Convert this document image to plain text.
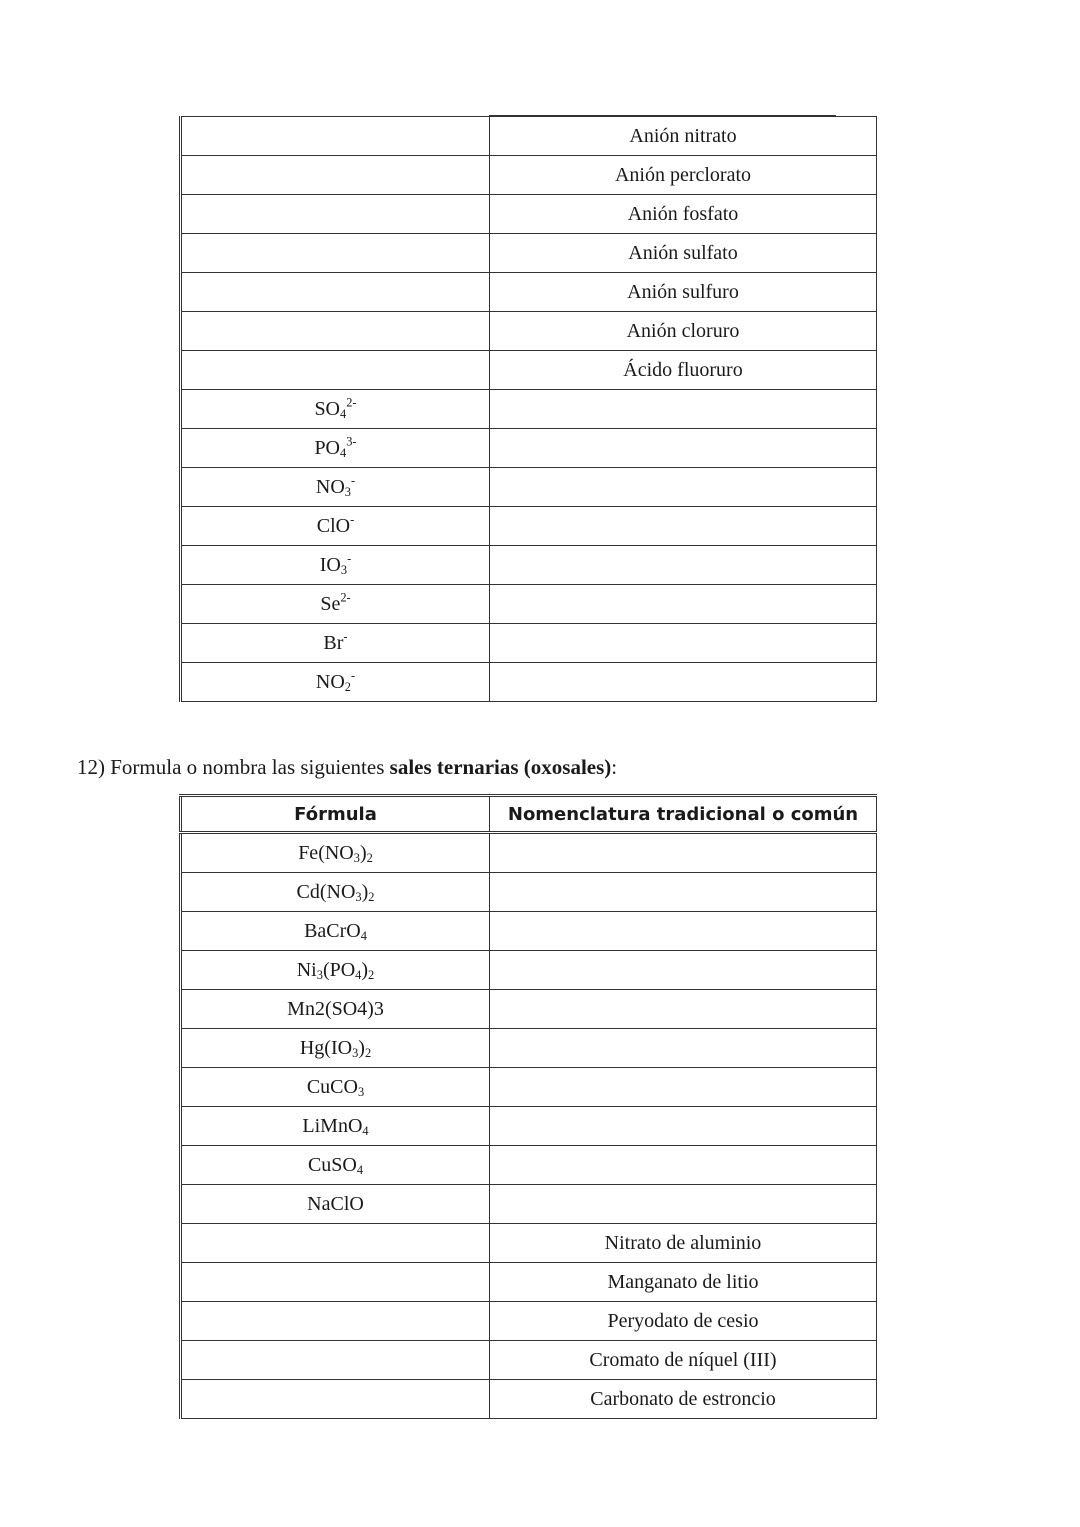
	Anión nitrato
	Anión perclorato
	Anión fosfato
	Anión sulfato
	Anión sulfuro
	Anión cloruro
	Ácido fluoruro
$SO_4^{2-}$	
$PO_4^{3-}$	
$NO_3^-$	
ClO-	
$IO_3^-$	
$Se^{2-}$	
Br-	
$NO_2^-$	
12) Formula o nombra las siguientes sales ternarias (oxosales):
Fórmula	Nomenclatura tradicional o común
$Fe(NO_3)_2$	
$Cd(NO_3)_2$	
BaCrO$_4$	
$Ni_3(PO_4)_2$	
Mn2(SO4)3	
$Hg(IO_3)_2$	
CuCO$_3$	
LiMnO$_4$	
CuSO$_4$	
NaClO	
	Nitrato de aluminio
	Manganato de litio
	Peryodato de cesio
	Cromato de níquel (III)
	Carbonato de estroncio
